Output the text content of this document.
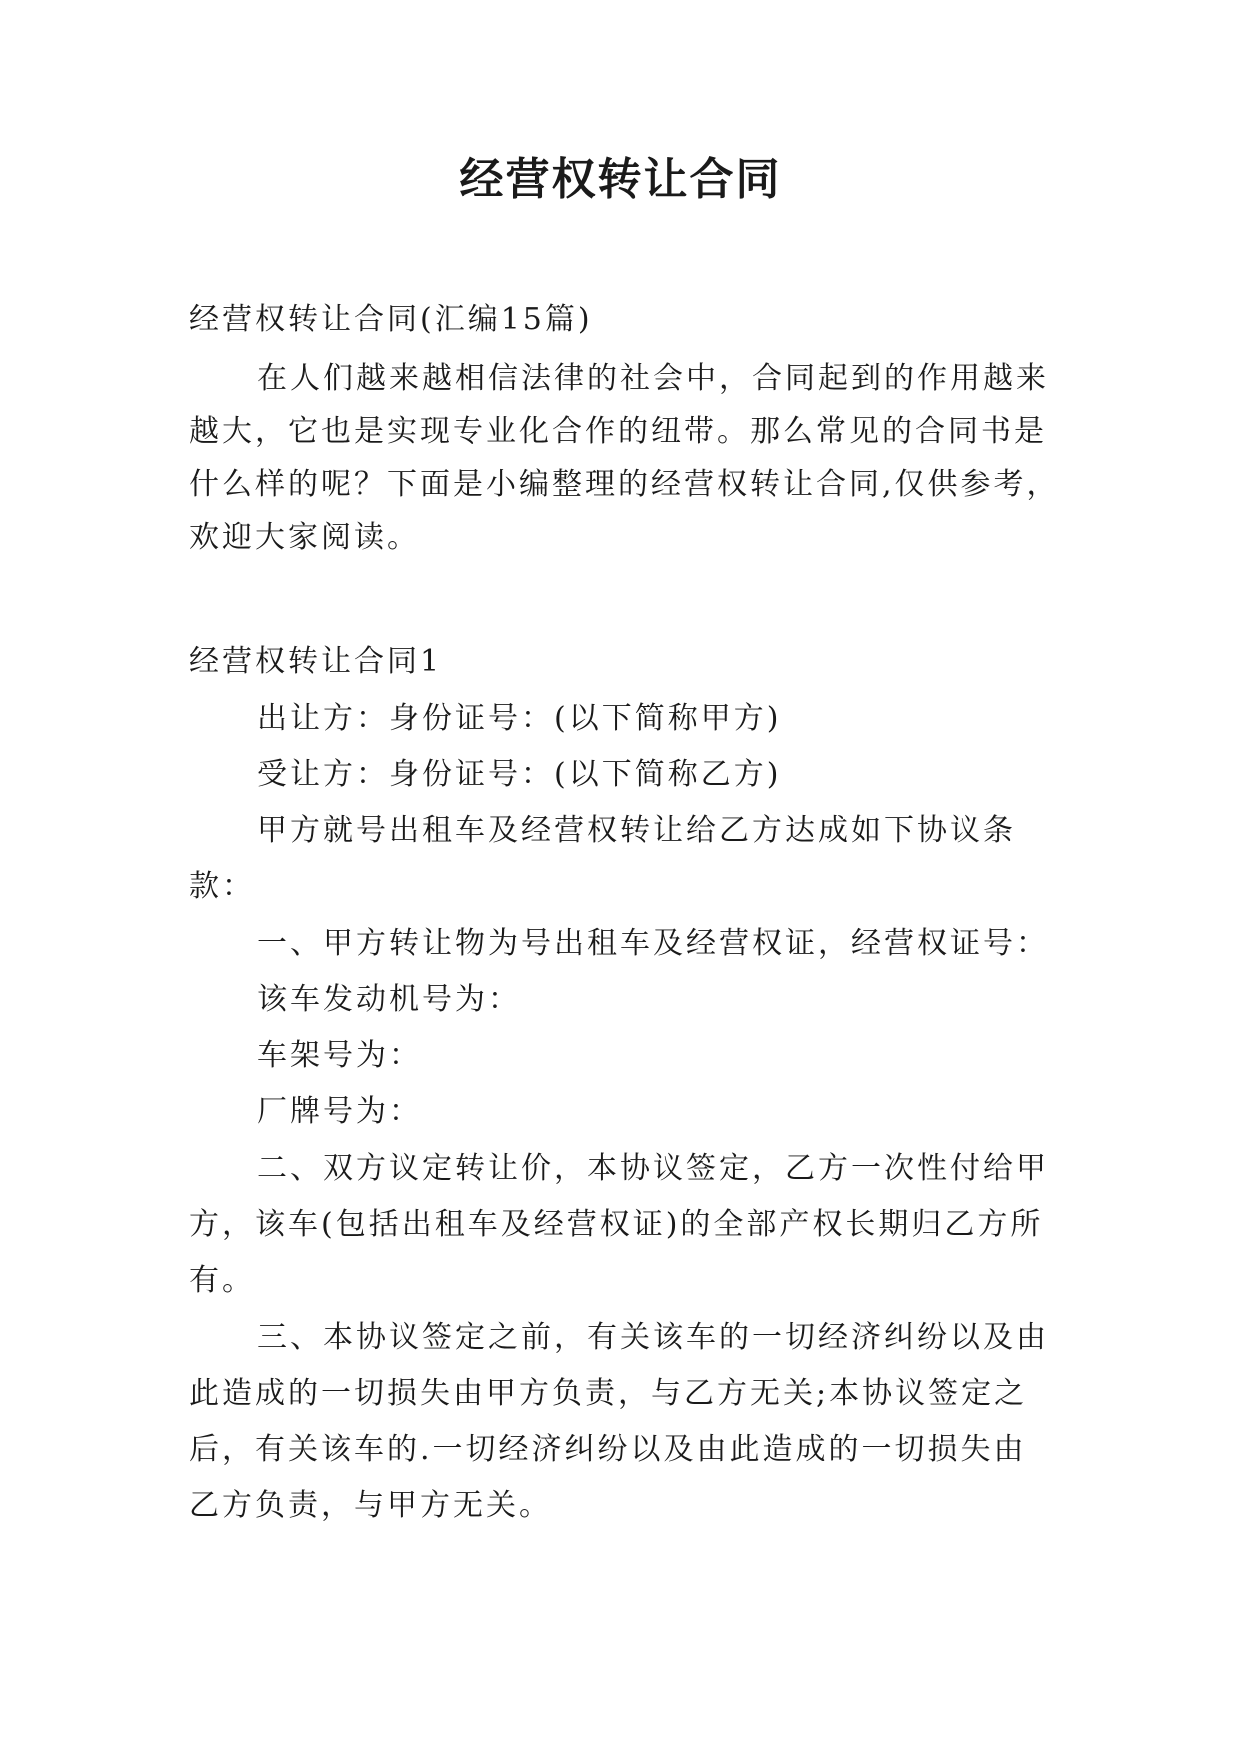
经营权转让合同
经营权转让合同(汇编15篇)
在人们越来越相信法律的社会中，合同起到的作用越来
越大，它也是实现专业化合作的纽带。那么常见的合同书是
什么样的呢？下面是小编整理的经营权转让合同,仅供参考，
欢迎大家阅读。
经营权转让合同1
出让方：身份证号：(以下简称甲方)
受让方：身份证号：(以下简称乙方)
甲方就号出租车及经营权转让给乙方达成如下协议条
款：
一、甲方转让物为号出租车及经营权证，经营权证号：
该车发动机号为：
车架号为：
厂牌号为：
二、双方议定转让价，本协议签定，乙方一次性付给甲
方，该车(包括出租车及经营权证)的全部产权长期归乙方所
有。
三、本协议签定之前，有关该车的一切经济纠纷以及由
此造成的一切损失由甲方负责，与乙方无关;本协议签定之
后，有关该车的.一切经济纠纷以及由此造成的一切损失由
乙方负责，与甲方无关。
